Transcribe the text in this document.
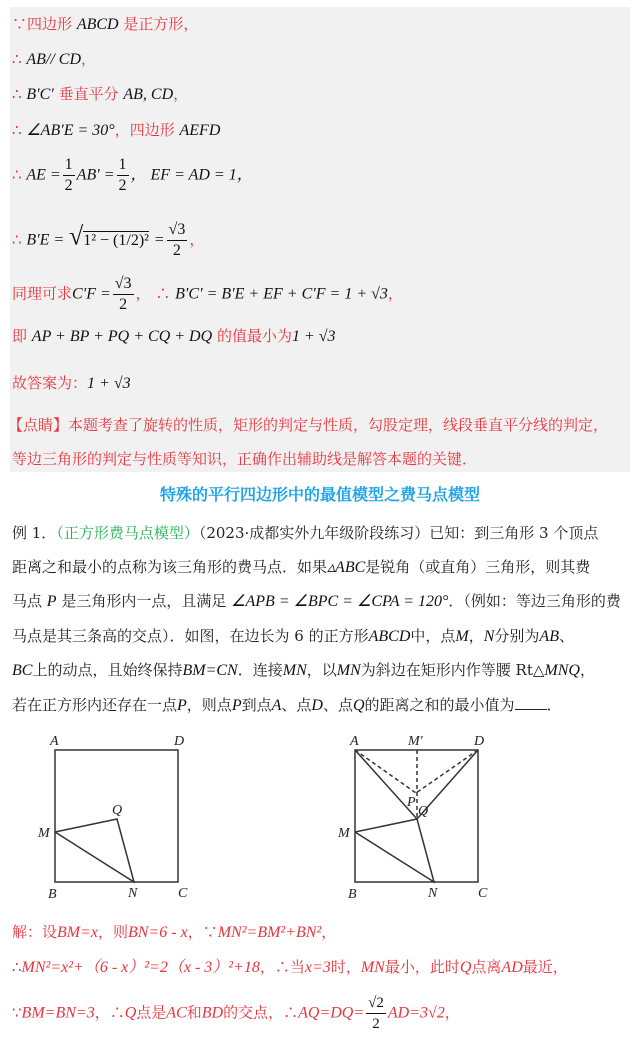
∵四边形 ABCD 是正方形，
∴ AB// CD，
∴ B′C′ 垂直平分 AB, CD，
∴ ∠AB′E = 30°，四边形 AEFD
∴ AE = $\frac{1}{2} AB' = \frac{1}{2}$ ， EF = AD = 1，
∴ $B'E = √1^2 - (1/2)^2 = \frac{√3}{2}$ ，
同理可求$C'F = \frac{√3}{2}$ ， ∴ B′C′ = B′E + EF + C′F = 1 + √3，
即 AP + BP + PQ + CQ + DQ 的值最小为1 + √3
故答案为：1 + √3
【点睛】本题考查了旋转的性质，矩形的判定与性质，勾股定理，线段垂直平分线的判定，
等边三角形的判定与性质等知识，正确作出辅助线是解答本题的关键．
特殊的平行四边形中的最值模型之费马点模型
例 1．（正方形费马点模型）（2023·成都实外九年级阶段练习）已知：到三角形 3 个顶点
距离之和最小的点称为该三角形的费马点．如果▵ABC是锐角（或直角）三角形，则其费
马点 P 是三角形内一点，且满足 ∠APB = ∠BPC = ∠CPA = 120°．（例如：等边三角形的费
马点是其三条高的交点）．如图，在边长为 6 的正方形ABCD中，点M，N分别为AB、
BC上的动点，且始终保持BM=CN．连接MN，以MN为斜边在矩形内作等腰 Rt△MNQ，
若在正方形内还存在一点P，则点P到点A、点D、点Q的距离之和的最小值为 ．
A	D
Q
M
B	N	C
A	M′	D
P
Q
M
B	N	C
解：设BM=x，则BN=6 - x，∵MN²=BM²+BN²，
∴MN²=x²+（6 - x）²=2（x - 3）²+18，∴当x=3时，MN最小，此时Q点离AD最近，
∵BM=BN=3，∴Q点是AC和BD的交点，∴AQ=DQ= $\frac{√2}{2} AD=3√2$，
